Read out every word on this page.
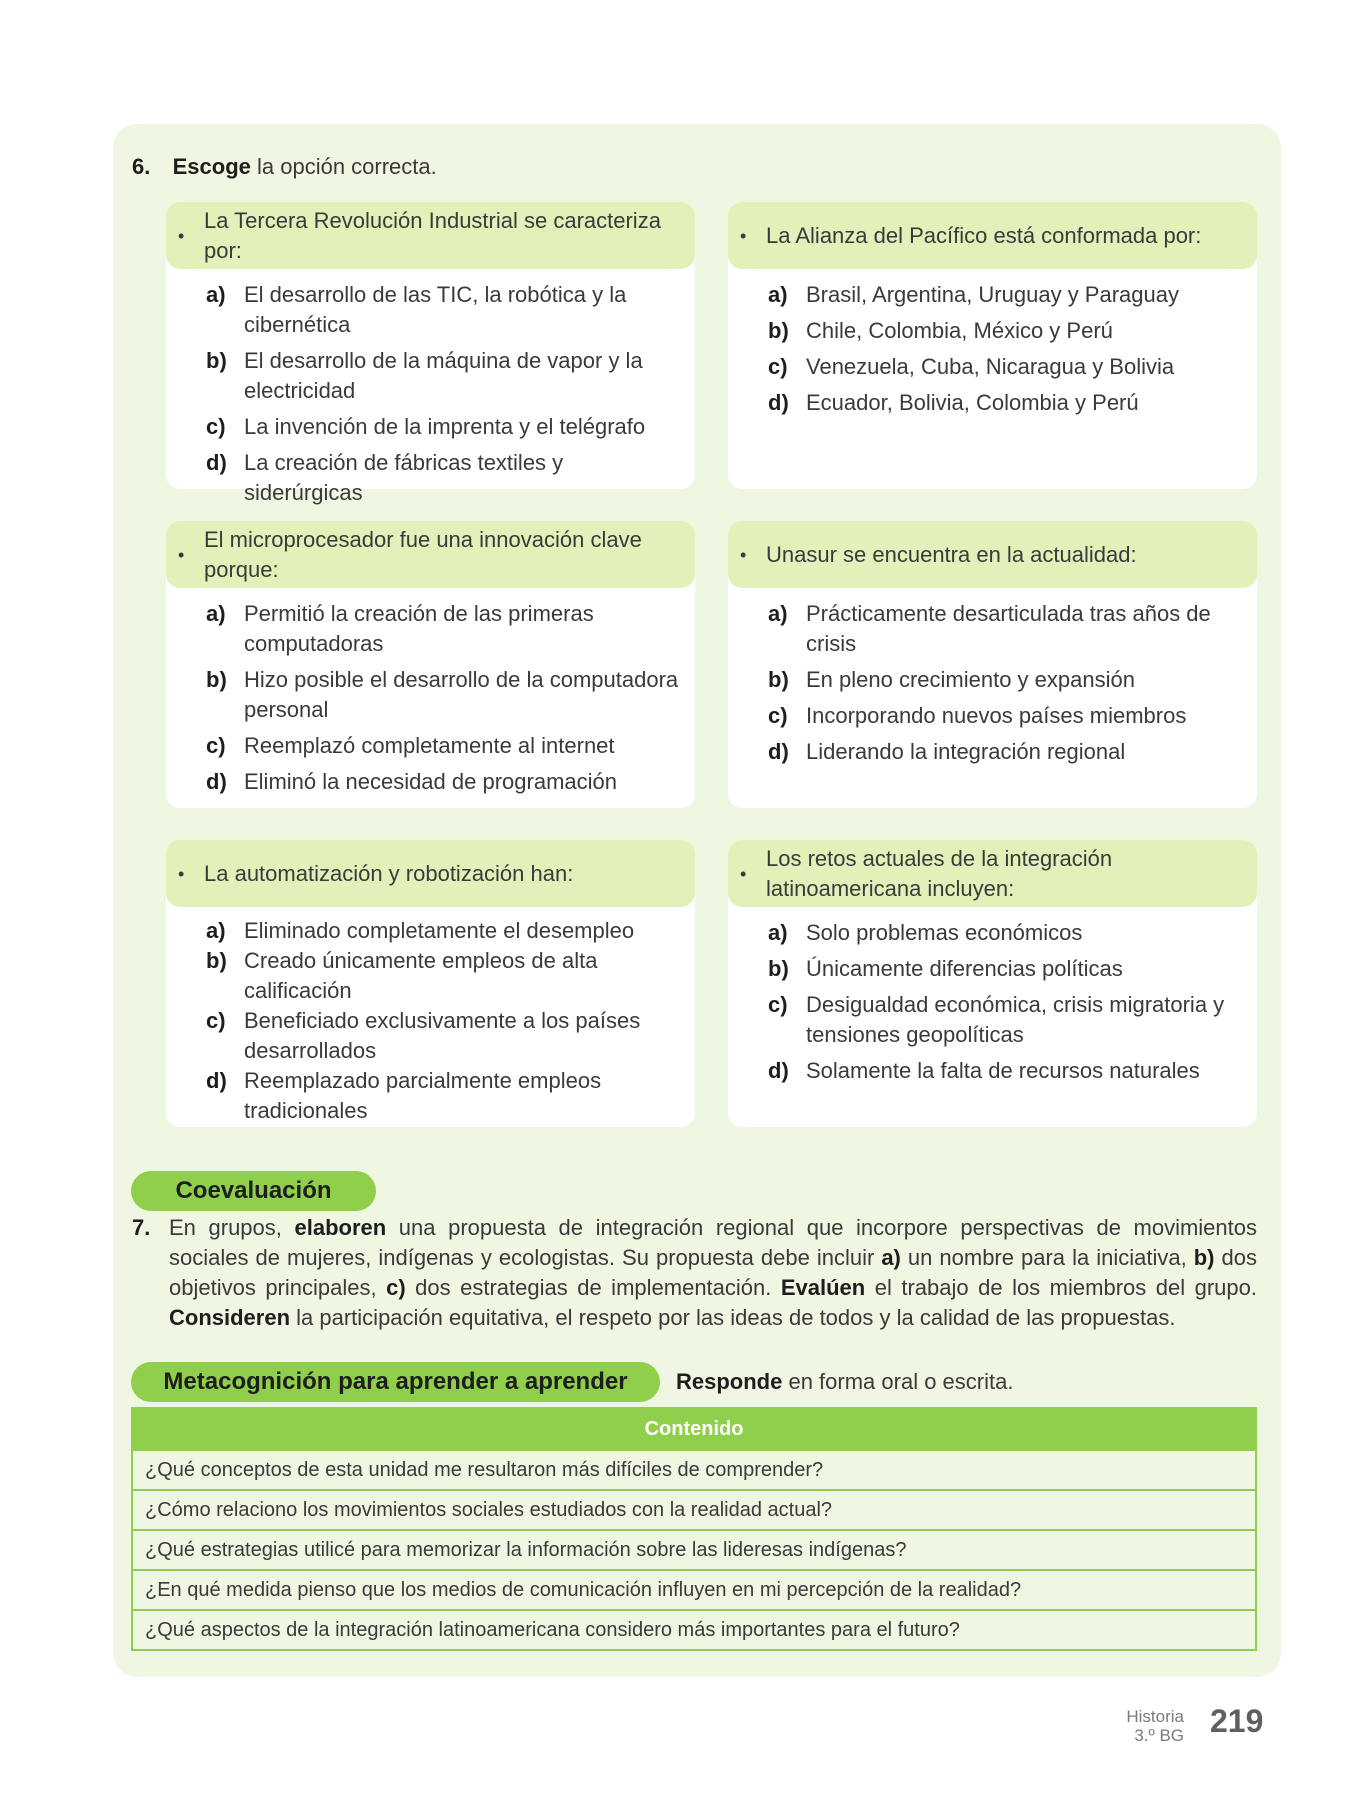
6. Escoge la opción correcta.
•
La Tercera Revolución Industrial se caracteriza por:
a) El desarrollo de las TIC, la robótica y la cibernética
b) El desarrollo de la máquina de vapor y la electricidad
c) La invención de la imprenta y el telégrafo
d) La creación de fábricas textiles y siderúrgicas
• La Alianza del Pacífico está conformada por:
a) Brasil, Argentina, Uruguay y Paraguay
b) Chile, Colombia, México y Perú
c) Venezuela, Cuba, Nicaragua y Bolivia
d) Ecuador, Bolivia, Colombia y Perú
•
El microprocesador fue una innovación clave porque:
a) Permitió la creación de las primeras computadoras
b) Hizo posible el desarrollo de la computadora personal
c) Reemplazó completamente al internet
d) Eliminó la necesidad de programación
• Unasur se encuentra en la actualidad:
a) Prácticamente desarticulada tras años de crisis
b) En pleno crecimiento y expansión
c) Incorporando nuevos países miembros
d) Liderando la integración regional
• La automatización y robotización han:
a) Eliminado completamente el desempleo
b) Creado únicamente empleos de alta calificación
c) Beneficiado exclusivamente a los países desarrollados
d) Reemplazado parcialmente empleos tradicionales
•
Los retos actuales de la integración latinoamericana incluyen:
a) Solo problemas económicos
b) Únicamente diferencias políticas
c) Desigualdad económica, crisis migratoria y tensiones geopolíticas
d) Solamente la falta de recursos naturales
Coevaluación
7. En grupos, elaboren una propuesta de integración regional que incorpore perspectivas de movimientos sociales de mujeres, indígenas y ecologistas. Su propuesta debe incluir a) un nombre para la iniciativa, b) dos objetivos principales, c) dos estrategias de implementación. Evalúen el trabajo de los miembros del grupo. Consideren la participación equitativa, el respeto por las ideas de todos y la calidad de las propuestas.
Metacognición para aprender a aprender	Responde en forma oral o escrita.
Contenido
¿Qué conceptos de esta unidad me resultaron más difíciles de comprender?
¿Cómo relaciono los movimientos sociales estudiados con la realidad actual?
¿Qué estrategias utilicé para memorizar la información sobre las lideresas indígenas?
¿En qué medida pienso que los medios de comunicación influyen en mi percepción de la realidad?
¿Qué aspectos de la integración latinoamericana considero más importantes para el futuro?
Historia
3.º BG 219
